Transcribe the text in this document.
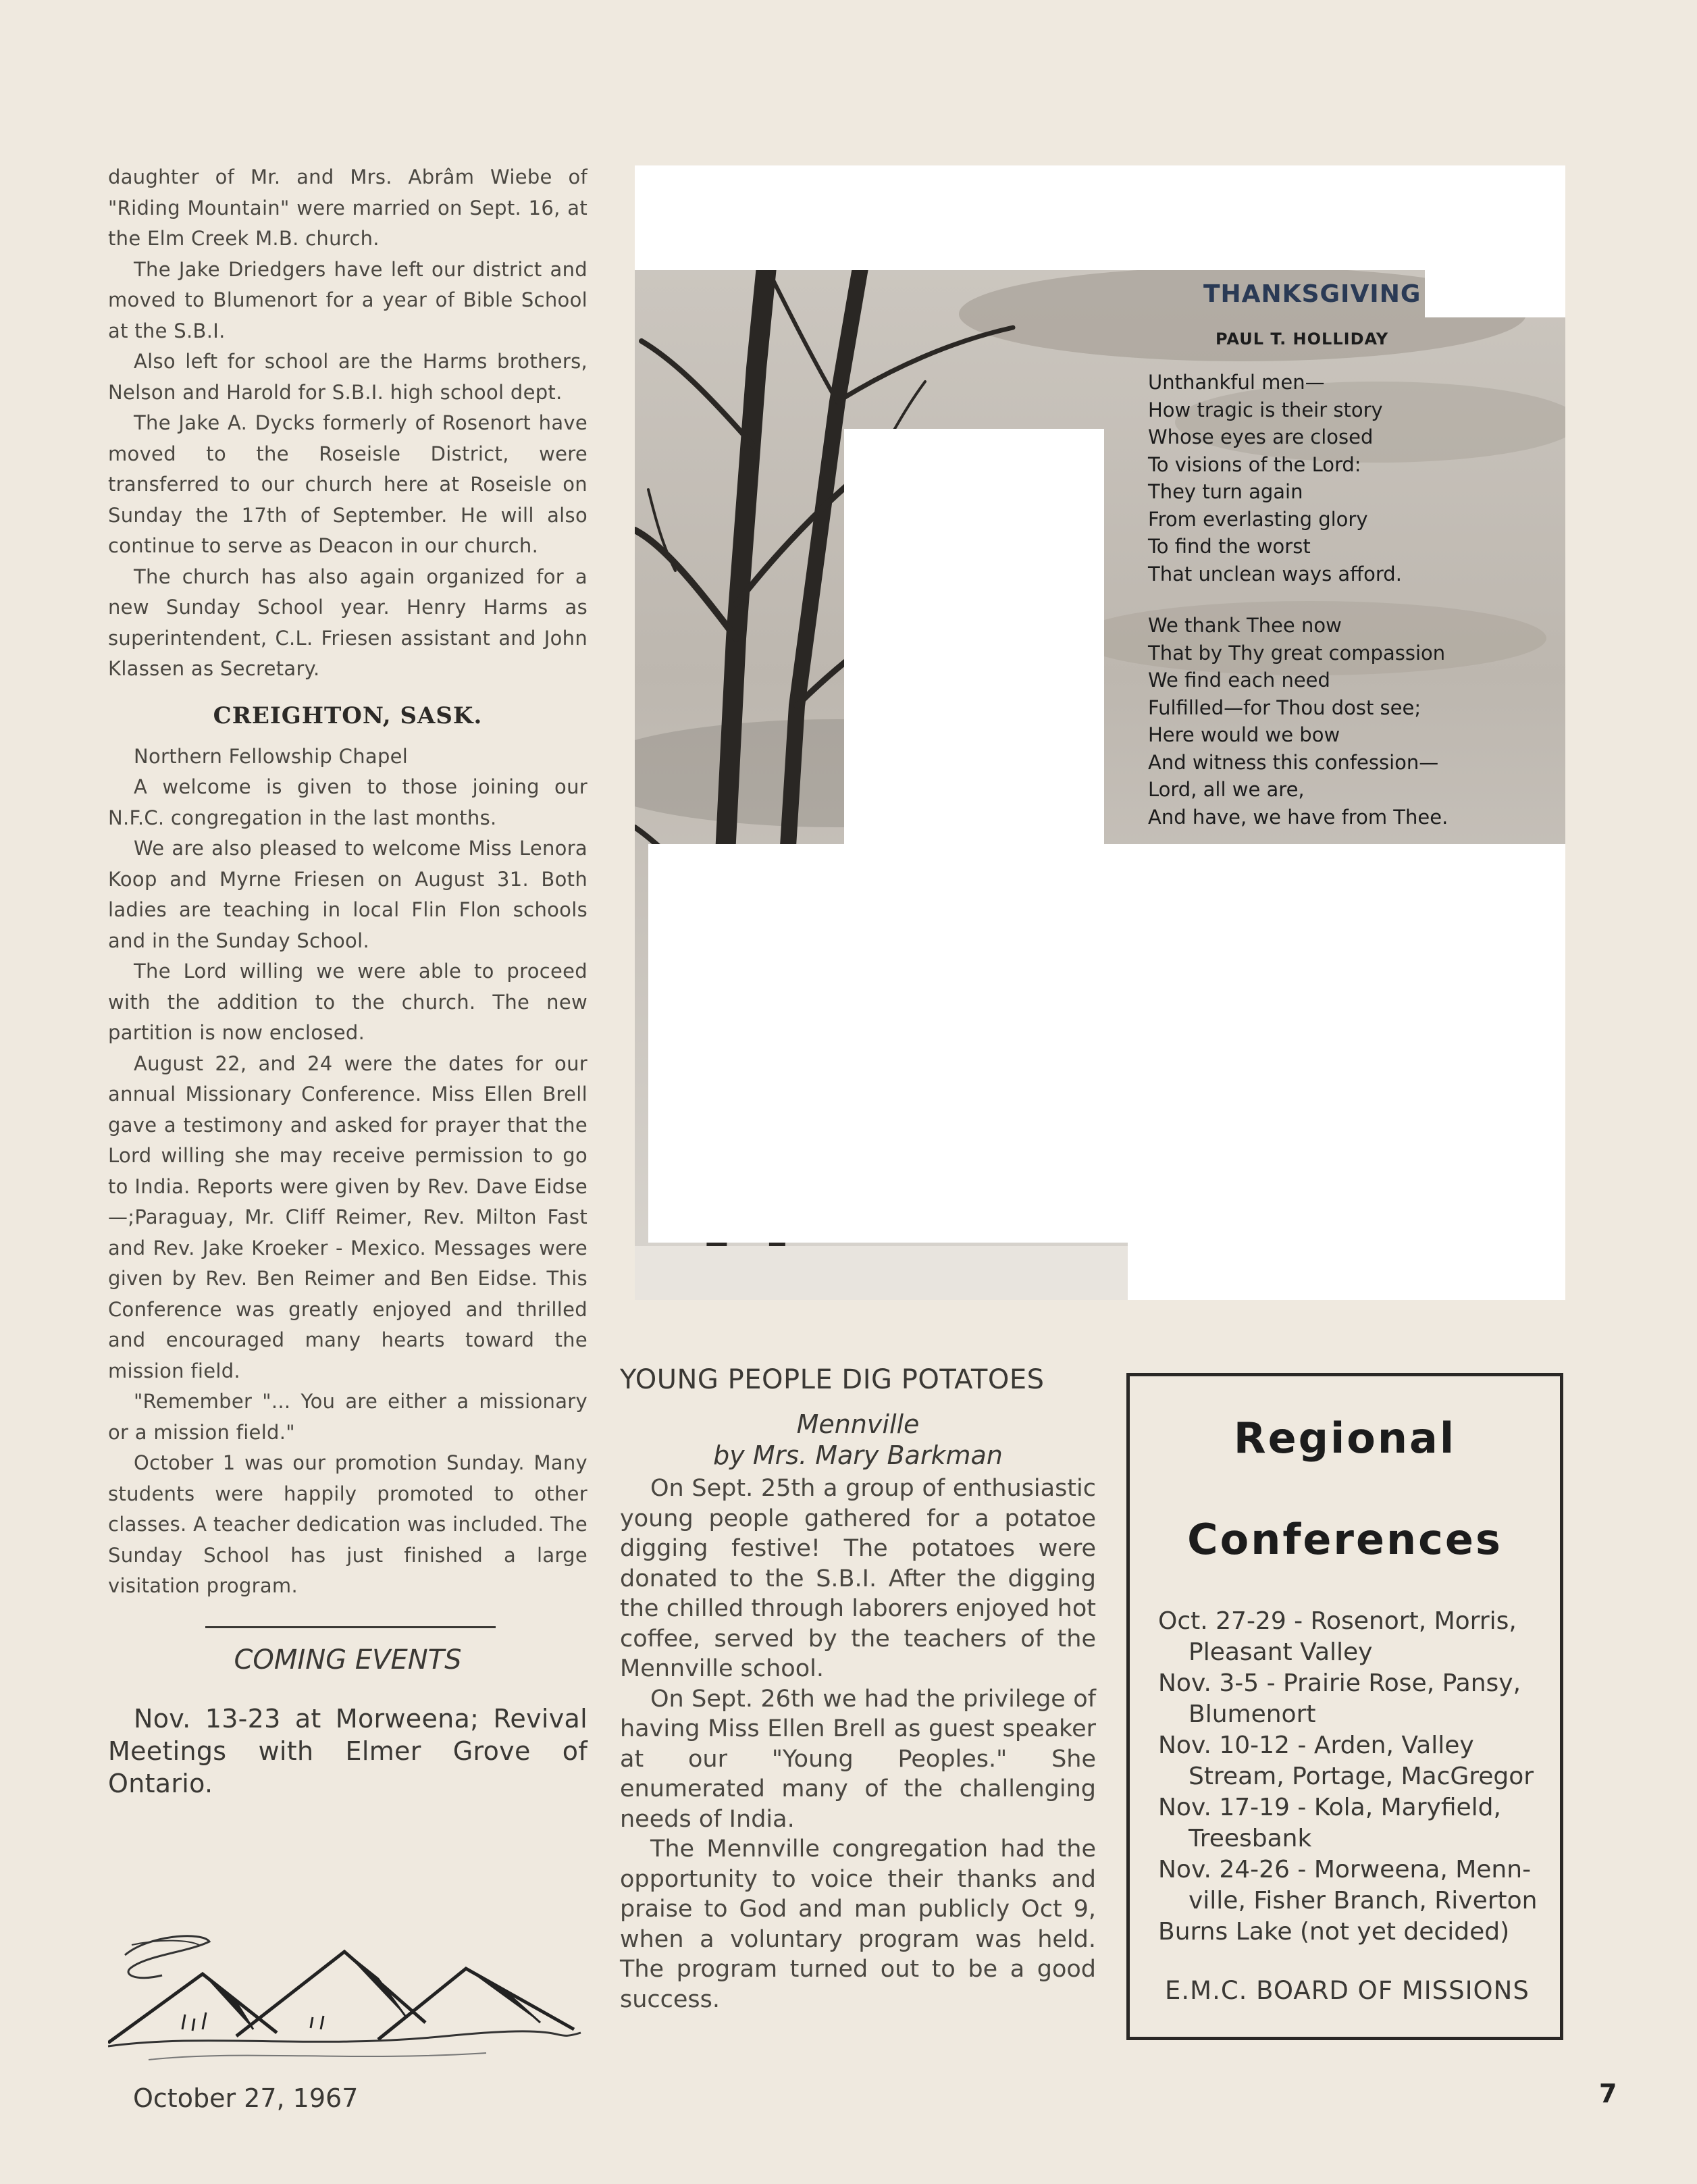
daughter of Mr. and Mrs. Abrâm Wiebe of "Riding Mountain" were married on Sept. 16, at the Elm Creek M.B. church.

The Jake Driedgers have left our district and moved to Blumenort for a year of Bible School at the S.B.I.

Also left for school are the Harms brothers, Nelson and Harold for S.B.I. high school dept.

The Jake A. Dycks formerly of Rosenort have moved to the Roseisle District, were transferred to our church here at Roseisle on Sunday the 17th of September. He will also continue to serve as Deacon in our church.

The church has also again organized for a new Sunday School year. Henry Harms as superintendent, C.L. Friesen assistant and John Klassen as Secretary.

CREIGHTON, SASK.

Northern Fellowship Chapel

A welcome is given to those joining our N.F.C. congregation in the last months.

We are also pleased to welcome Miss Lenora Koop and Myrne Friesen on August 31. Both ladies are teaching in local Flin Flon schools and in the Sunday School.

The Lord willing we were able to proceed with the addition to the church. The new partition is now enclosed.

August 22, and 24 were the dates for our annual Missionary Conference. Miss Ellen Brell gave a testimony and asked for prayer that the Lord willing she may receive permission to go to India. Reports were given by Rev. Dave Eidse—;Paraguay, Mr. Cliff Reimer, Rev. Milton Fast and Rev. Jake Kroeker - Mexico. Messages were given by Rev. Ben Reimer and Ben Eidse. This Conference was greatly enjoyed and thrilled and encouraged many hearts toward the mission field.

"Remember "... You are either a missionary or a mission field."

October 1 was our promotion Sunday. Many students were happily promoted to other classes. A teacher dedication was included. The Sunday School has just finished a large visitation program.

COMING EVENTS

Nov. 13-23 at Morweena; Revival Meetings with Elmer Grove of Ontario.

THANKSGIVING
PAUL T. HOLLIDAY

Unthankful men—

How tragic is their story

Whose eyes are closed

To visions of the Lord:

They turn again

From everlasting glory

To find the worst

That unclean ways afford.

We thank Thee now

That by Thy great compassion

We find each need

Fulfilled—for Thou dost see;

Here would we bow

And witness this confession—

Lord, all we are,

And have, we have from Thee.

YOUNG PEOPLE DIG POTATOES

Mennville

by Mrs. Mary Barkman

On Sept. 25th a group of enthusiastic young people gathered for a potatoe digging festive! The potatoes were donated to the S.B.I. After the digging the chilled through laborers enjoyed hot coffee, served by the teachers of the Mennville school.

On Sept. 26th we had the privilege of having Miss Ellen Brell as guest speaker at our "Young Peoples." She enumerated many of the challenging needs of India.

The Mennville congregation had the opportunity to voice their thanks and praise to God and man publicly Oct 9, when a voluntary program was held. The program turned out to be a good success.

Regional
Conferences

Oct. 27-29 - Rosenort, Morris,

Pleasant Valley

Nov. 3-5 - Prairie Rose, Pansy,

Blumenort

Nov. 10-12 - Arden, Valley

Stream, Portage, MacGregor

Nov. 17-19 - Kola, Maryfield,

Treesbank

Nov. 24-26 - Morweena, Menn-

ville, Fisher Branch, Riverton

Burns Lake (not yet decided)

E.M.C. BOARD OF MISSIONS
October 27, 1967	7
